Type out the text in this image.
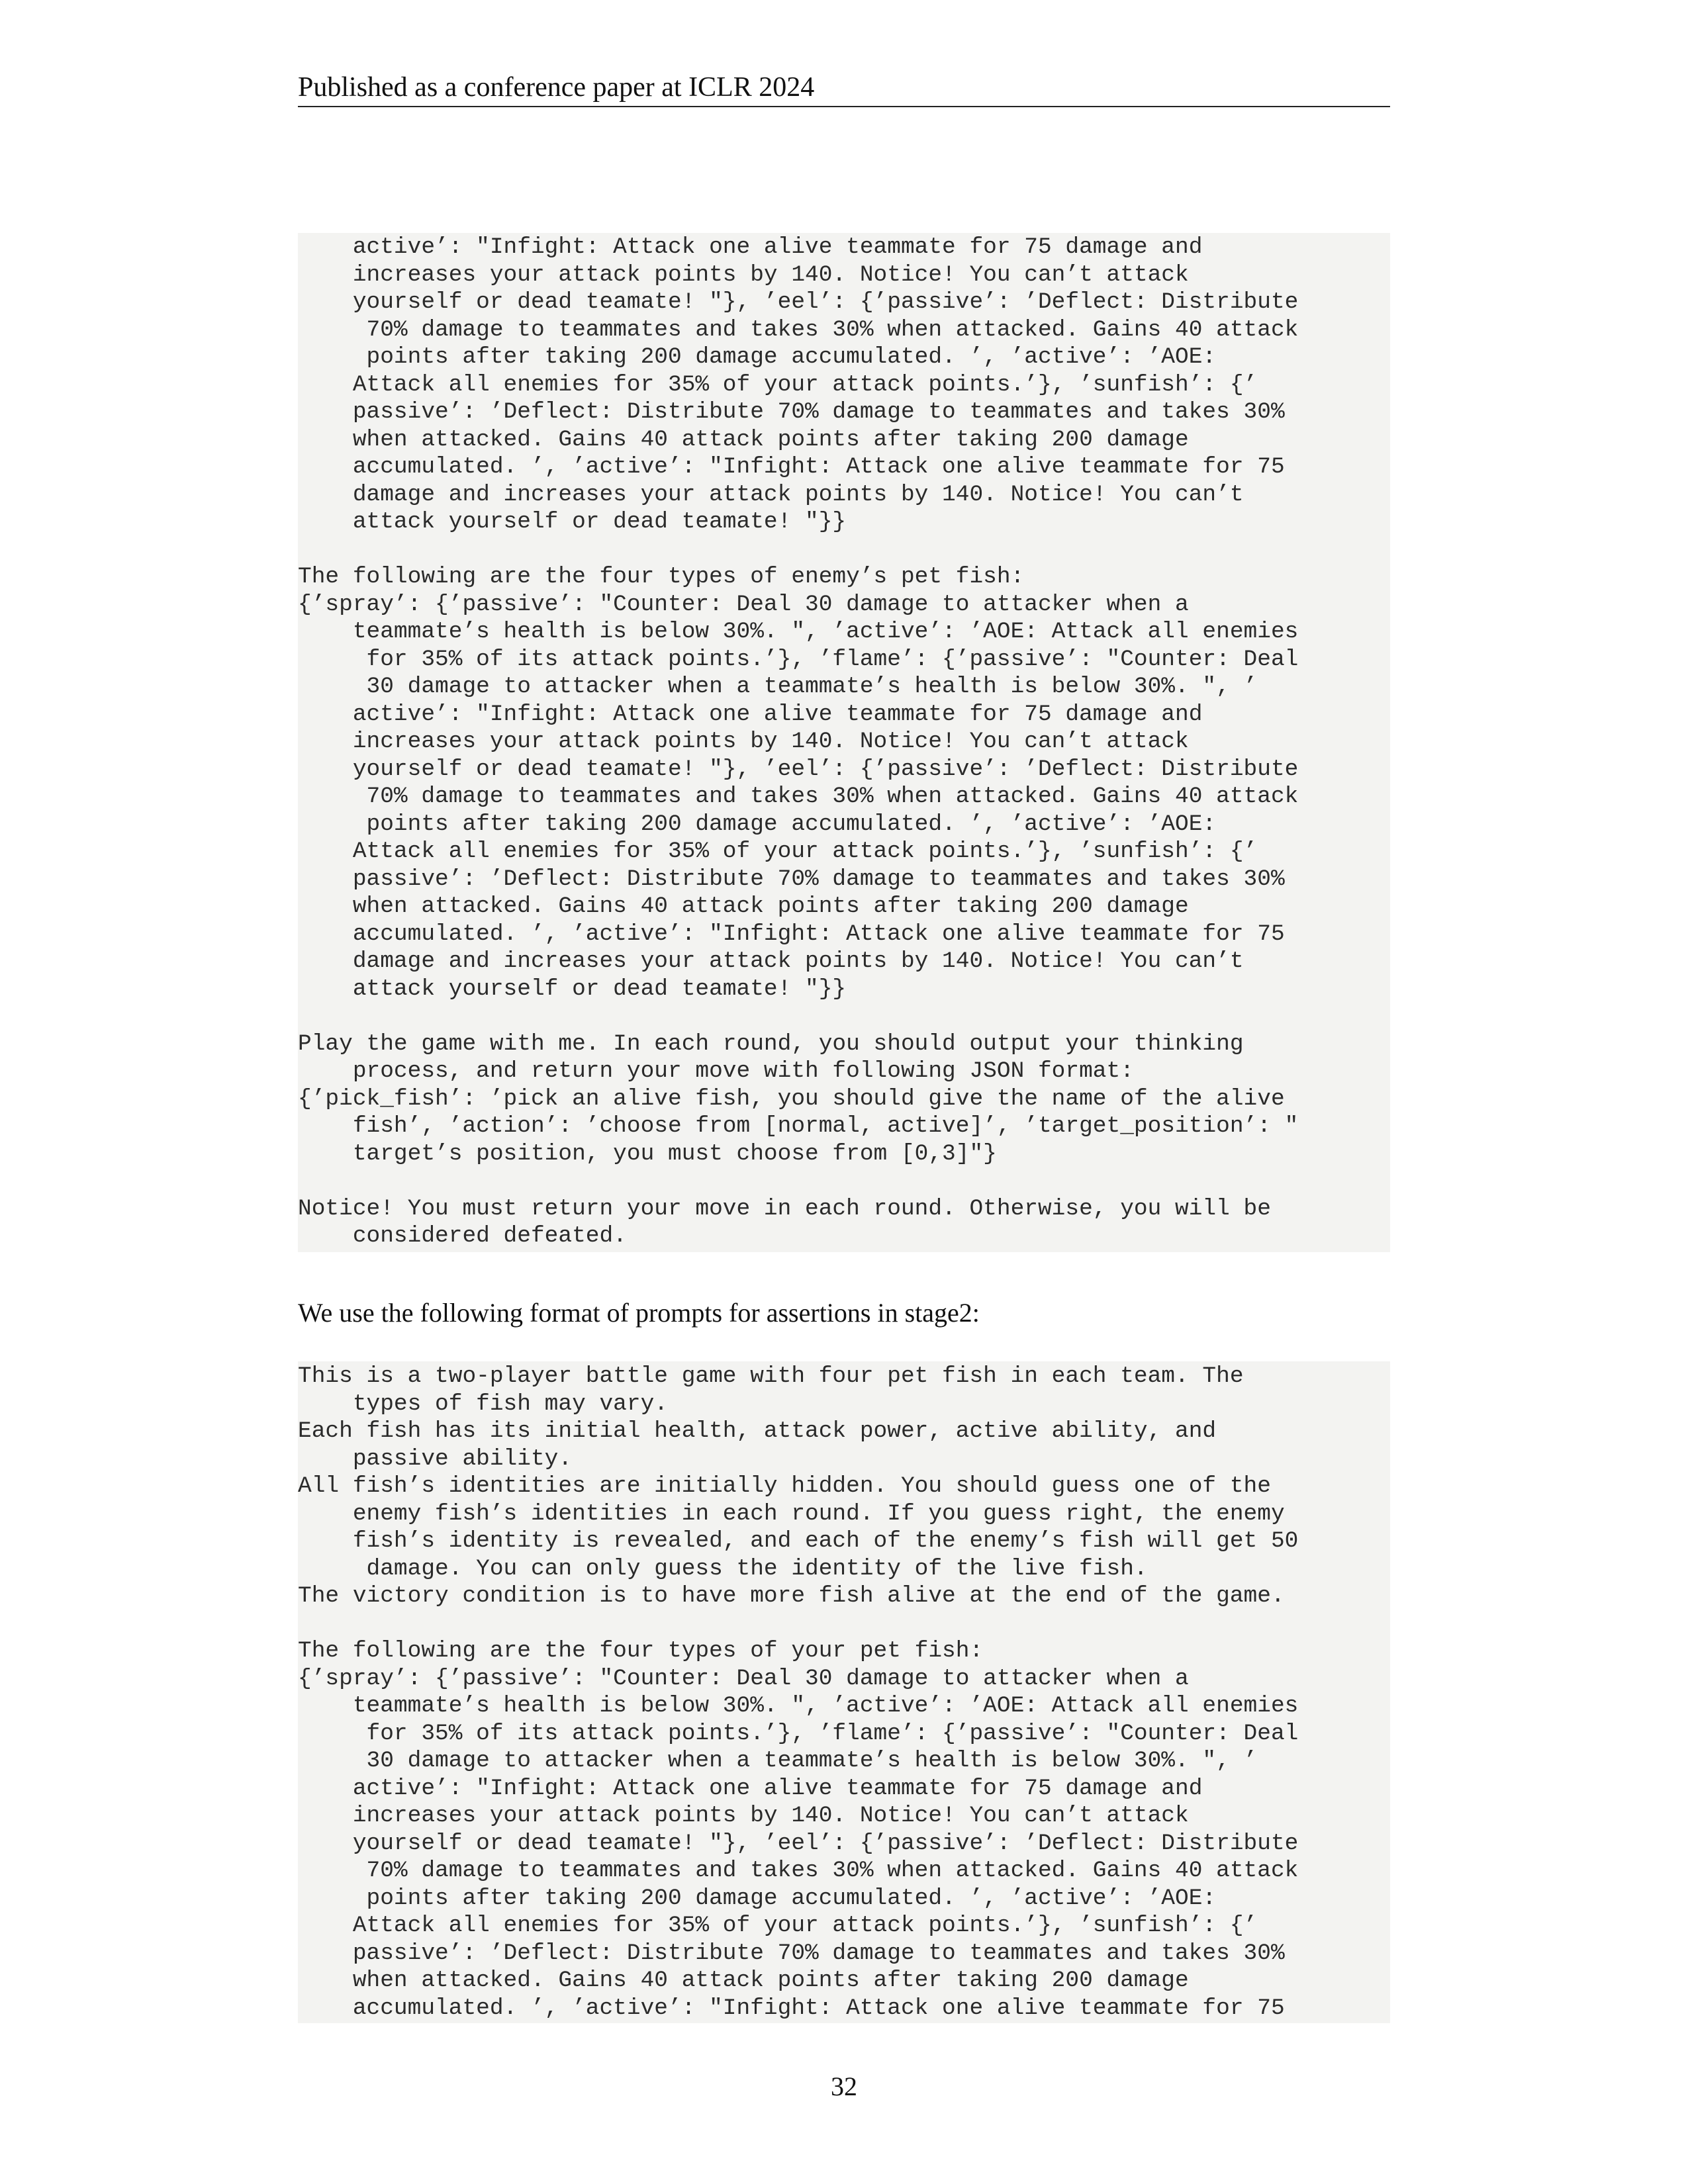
Published as a conference paper at ICLR 2024
active’: "Infight: Attack one alive teammate for 75 damage and
increases your attack points by 140. Notice! You can’t attack
yourself or dead teamate! "}, ’eel’: {’passive’: ’Deflect: Distribute
70% damage to teammates and takes 30% when attacked. Gains 40 attack
points after taking 200 damage accumulated. ’, ’active’: ’AOE:
Attack all enemies for 35% of your attack points.’}, ’sunfish’: {’
passive’: ’Deflect: Distribute 70% damage to teammates and takes 30%
when attacked. Gains 40 attack points after taking 200 damage
accumulated. ’, ’active’: "Infight: Attack one alive teammate for 75
damage and increases your attack points by 140. Notice! You can’t
attack yourself or dead teamate! "}}
The following are the four types of enemy’s pet fish:
{’spray’: {’passive’: "Counter: Deal 30 damage to attacker when a
teammate’s health is below 30%. ", ’active’: ’AOE: Attack all enemies
for 35% of its attack points.’}, ’flame’: {’passive’: "Counter: Deal
30 damage to attacker when a teammate’s health is below 30%. ", ’
active’: "Infight: Attack one alive teammate for 75 damage and
increases your attack points by 140. Notice! You can’t attack
yourself or dead teamate! "}, ’eel’: {’passive’: ’Deflect: Distribute
70% damage to teammates and takes 30% when attacked. Gains 40 attack
points after taking 200 damage accumulated. ’, ’active’: ’AOE:
Attack all enemies for 35% of your attack points.’}, ’sunfish’: {’
passive’: ’Deflect: Distribute 70% damage to teammates and takes 30%
when attacked. Gains 40 attack points after taking 200 damage
accumulated. ’, ’active’: "Infight: Attack one alive teammate for 75
damage and increases your attack points by 140. Notice! You can’t
attack yourself or dead teamate! "}}
Play the game with me. In each round, you should output your thinking
process, and return your move with following JSON format:
{’pick_fish’: ’pick an alive fish, you should give the name of the alive
fish’, ’action’: ’choose from [normal, active]’, ’target_position’: "
target’s position, you must choose from [0,3]"}
Notice! You must return your move in each round. Otherwise, you will be
considered defeated.
We use the following format of prompts for assertions in stage2:
This is a two-player battle game with four pet fish in each team. The
types of fish may vary.
Each fish has its initial health, attack power, active ability, and
passive ability.
All fish’s identities are initially hidden. You should guess one of the
enemy fish’s identities in each round. If you guess right, the enemy
fish’s identity is revealed, and each of the enemy’s fish will get 50
damage. You can only guess the identity of the live fish.
The victory condition is to have more fish alive at the end of the game.
The following are the four types of your pet fish:
{’spray’: {’passive’: "Counter: Deal 30 damage to attacker when a
teammate’s health is below 30%. ", ’active’: ’AOE: Attack all enemies
for 35% of its attack points.’}, ’flame’: {’passive’: "Counter: Deal
30 damage to attacker when a teammate’s health is below 30%. ", ’
active’: "Infight: Attack one alive teammate for 75 damage and
increases your attack points by 140. Notice! You can’t attack
yourself or dead teamate! "}, ’eel’: {’passive’: ’Deflect: Distribute
70% damage to teammates and takes 30% when attacked. Gains 40 attack
points after taking 200 damage accumulated. ’, ’active’: ’AOE:
Attack all enemies for 35% of your attack points.’}, ’sunfish’: {’
passive’: ’Deflect: Distribute 70% damage to teammates and takes 30%
when attacked. Gains 40 attack points after taking 200 damage
accumulated. ’, ’active’: "Infight: Attack one alive teammate for 75
32
